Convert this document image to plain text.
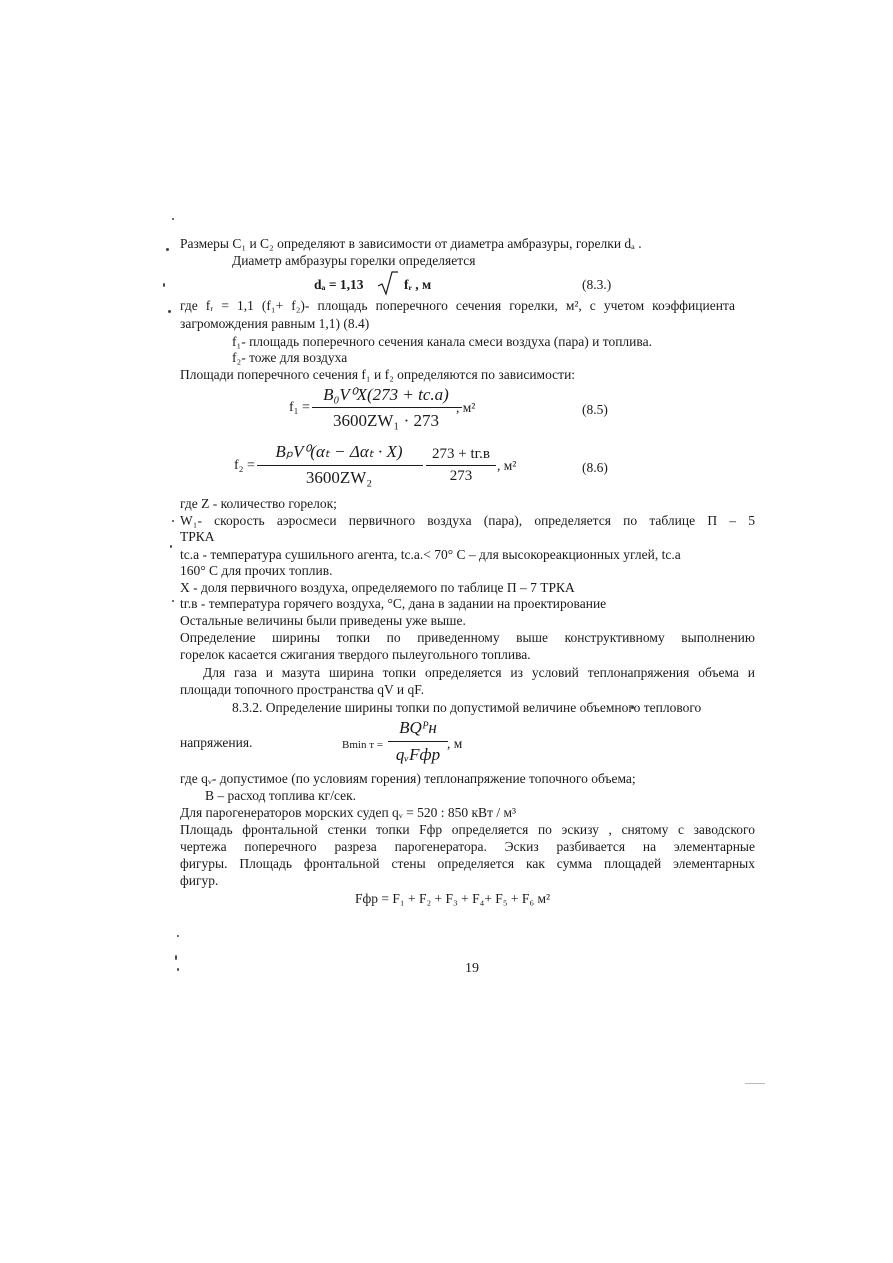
Размеры C₁ и C₂ определяют в зависимости от диаметра амбразуры, горелки dₐ .
Диаметр амбразуры горелки определяется
dₐ = 1,13	fᵣ , м	(8.3.)
где fᵣ = 1,1 (f₁+ f₂)- площадь поперечного сечения горелки, м², с учетом коэффициента
загромождения равным 1,1) (8.4)
f₁- площадь поперечного сечения канала смеси воздуха (пара) и топлива.
f₂- тоже для воздуха
Площади поперечного сечения f₁ и f₂ определяются по зависимости:
f₁ =
B₀V⁰X(273 + tс.а)
3600ZW₁ · 273
, м²	(8.5)
f₂ =
BₚV⁰(αₜ − Δαₜ · X)
3600ZW₂
273 + tг.в
273
, м²	(8.6)
где Z - количество горелок;
W₁- скорость аэросмеси первичного воздуха (пара), определяется по таблице П – 5
ТРКА
tс.а - температура сушильного агента, tс.а.< 70° С – для высокореакционных углей, tс.а
160° С для прочих топлив.
Х - доля первичного воздуха, определяемого по таблице П – 7 ТРКА
tг.в - температура горячего воздуха, °С, дана в задании на проектирование
Остальные величины были приведены уже выше.
Определение ширины топки по приведенному выше конструктивному выполнению
горелок касается сжигания твердого пылеугольного топлива.
Для газа и мазута ширина топки определяется из условий теплонапряжения объема и
площади топочного пространства qV и qF.
8.3.2. Определение ширины топки по допустимой величине объемного теплового
напряжения.	Bmin т =
BQᴾн
qᵥFфр
, м
где qᵥ- допустимое (по условиям горения) теплонапряжение топочного объема;
В – расход топлива кг/сек.
Для парогенераторов морских судеп qᵥ = 520 : 850 кВт / м³
Площадь фронтальной стенки топки Fфр определяется по эскизу , снятому с заводского
чертежа поперечного разреза парогенератора. Эскиз разбивается на элементарные
фигуры. Площадь фронтальной стены определяется как сумма площадей элементарных
фигур.
Fфр = F₁ + F₂ + F₃ + F₄+ F₅ + F₆ м²
19
